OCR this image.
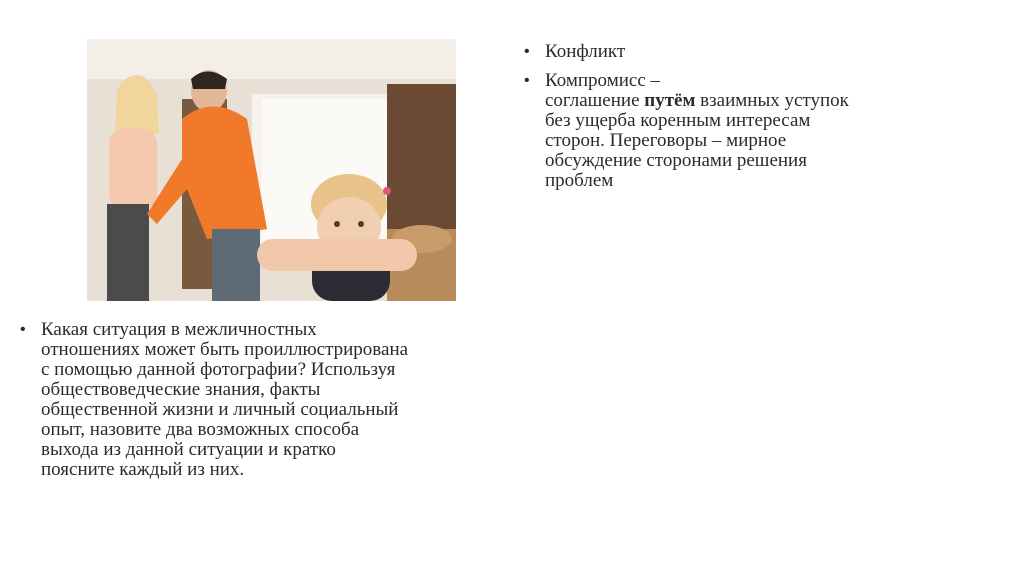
• Конфликт
• Компромисс –
соглашение путём взаимных уступок
без ущерба коренным интересам
сторон. Переговоры – мирное
обсуждение сторонами решения
проблем
• Какая ситуация в межличностных
отношениях может быть проиллюстрирована
с помощью данной фотографии? Используя
обществоведческие знания, факты
общественной жизни и личный социальный
опыт, назовите два возможных способа
выхода из данной ситуации и кратко
поясните каждый из них.
